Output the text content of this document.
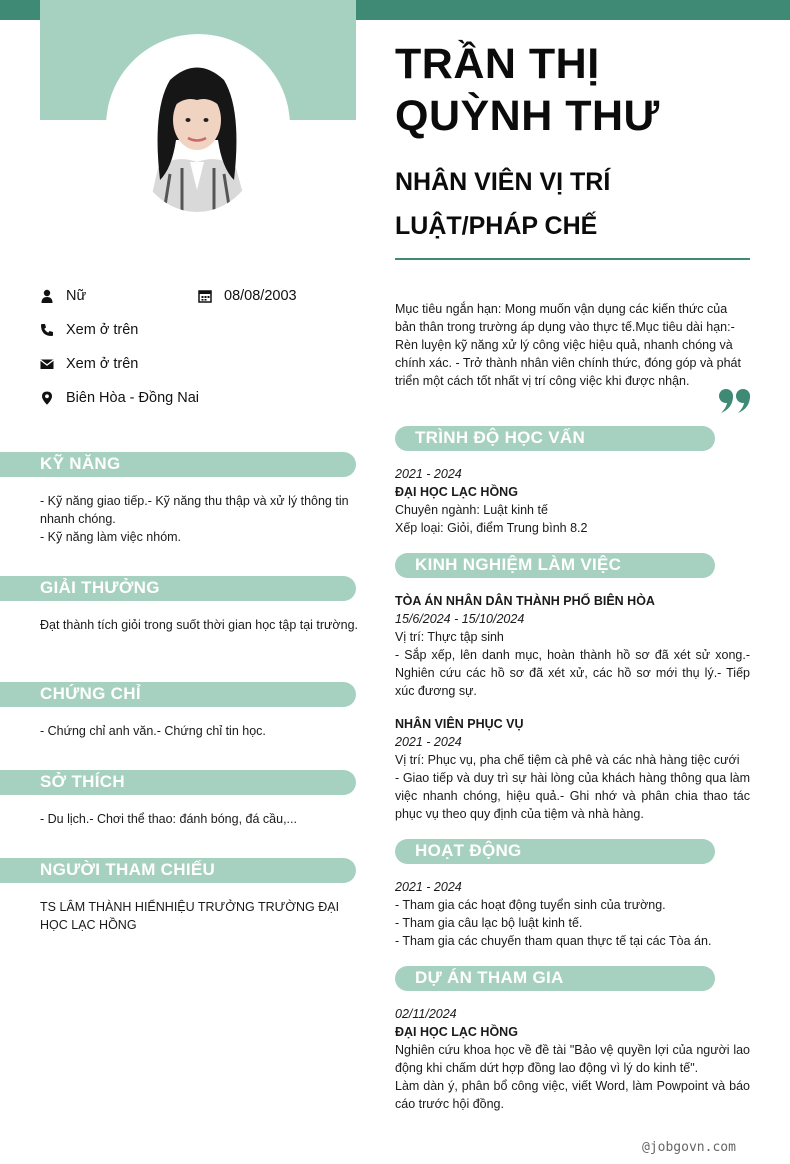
TRẦN THỊ QUỲNH THƯ
NHÂN VIÊN VỊ TRÍ LUẬT/PHÁP CHẾ
Nữ	08/08/2003
Xem ở trên
Xem ở trên
Biên Hòa - Đồng Nai
KỸ NĂNG
- Kỹ năng giao tiếp.- Kỹ năng thu thập và xử lý thông tin nhanh chóng.
- Kỹ năng làm việc nhóm.
GIẢI THƯỞNG
Đạt thành tích giỏi trong suốt thời gian học tập tại trường.
CHỨNG CHỈ
- Chứng chỉ anh văn.- Chứng chỉ tin học.
SỞ THÍCH
- Du lịch.- Chơi thể thao: đánh bóng, đá cầu,...
NGƯỜI THAM CHIẾU
TS LÂM THÀNH HIỂNHIỆU TRƯỞNG TRƯỜNG ĐẠI HỌC LẠC HỒNG
Mục tiêu ngắn hạn: Mong muốn vận dụng các kiến thức của bản thân trong trường áp dụng vào thực tế.Mục tiêu dài hạn:- Rèn luyện kỹ năng xử lý công việc hiệu quả, nhanh chóng và chính xác. - Trở thành nhân viên chính thức, đóng góp và phát triển một cách tốt nhất vị trí công việc khi được nhận.
TRÌNH ĐỘ HỌC VẤN
2021 - 2024
ĐẠI HỌC LẠC HỒNG
Chuyên ngành: Luật kinh tế
Xếp loại: Giỏi, điểm Trung bình 8.2
KINH NGHIỆM LÀM VIỆC
TÒA ÁN NHÂN DÂN THÀNH PHỐ BIÊN HÒA
15/6/2024 - 15/10/2024
Vị trí: Thực tập sinh
- Sắp xếp, lên danh mục, hoàn thành hồ sơ đã xét sử xong.- Nghiên cứu các hồ sơ đã xét xử, các hồ sơ mới thụ lý.- Tiếp xúc đương sự.
NHÂN VIÊN PHỤC VỤ
2021 - 2024
Vị trí: Phục vụ, pha chế tiệm cà phê và các nhà hàng tiệc cưới
- Giao tiếp và duy trì sự hài lòng của khách hàng thông qua làm việc nhanh chóng, hiệu quả.- Ghi nhớ và phân chia thao tác phục vụ theo quy định của tiệm và nhà hàng.
HOẠT ĐỘNG
2021 - 2024
- Tham gia các hoạt động tuyển sinh của trường.
- Tham gia câu lạc bộ luật kinh tế.
- Tham gia các chuyến tham quan thực tế tại các Tòa án.
DỰ ÁN THAM GIA
02/11/2024
ĐẠI HỌC LẠC HỒNG
Nghiên cứu khoa học về đề tài "Bảo vệ quyền lợi của người lao động khi chấm dứt hợp đồng lao động vì lý do kinh tế".
Làm dàn ý, phân bổ công việc, viết Word, làm Powpoint và báo cáo trước hội đồng.
@jobgovn.com
